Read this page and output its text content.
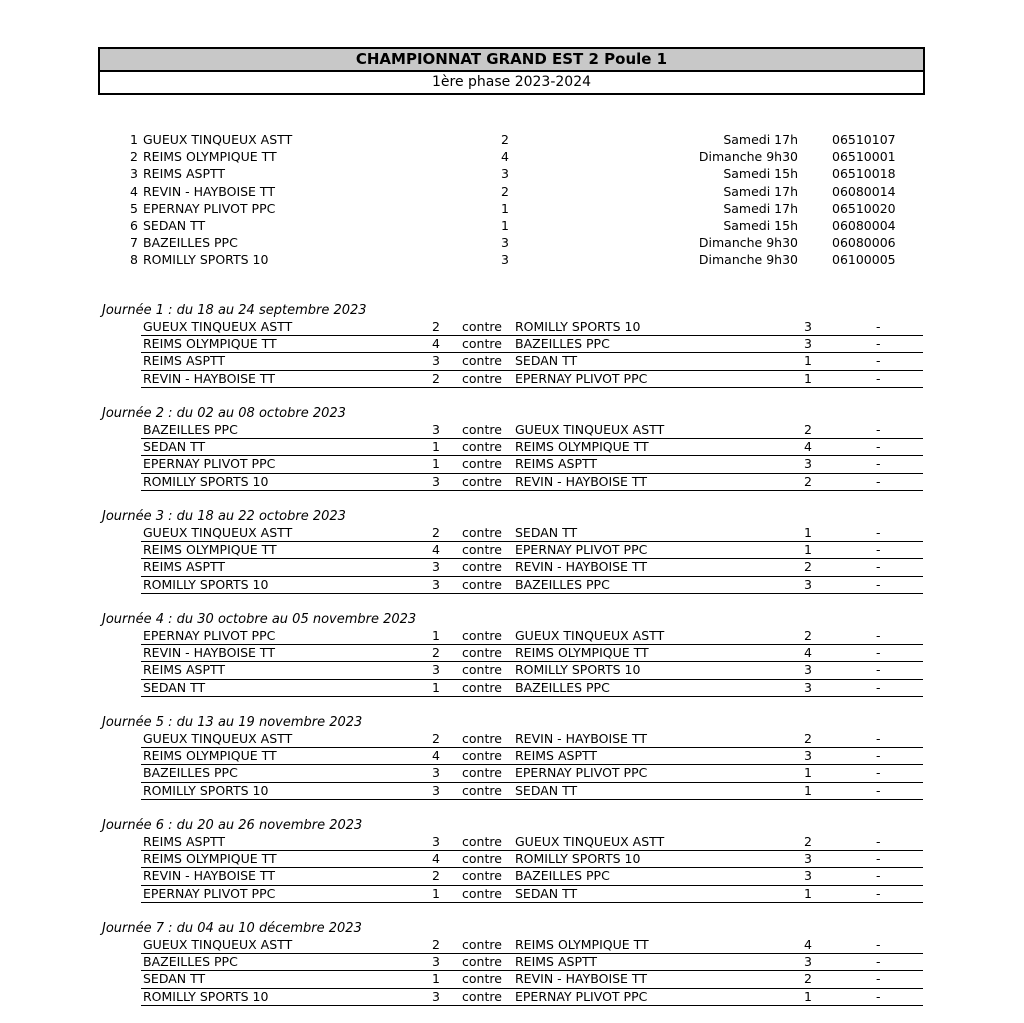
CHAMPIONNAT GRAND EST 2 Poule 1
1ère phase 2023-2024
1 GUEUX TINQUEUX ASTT	2	Samedi 17h	06510107
2 REIMS OLYMPIQUE TT	4	Dimanche 9h30	06510001
3 REIMS ASPTT	3	Samedi 15h	06510018
4 REVIN - HAYBOISE TT	2	Samedi 17h	06080014
5 EPERNAY PLIVOT PPC	1	Samedi 17h	06510020
6 SEDAN TT	1	Samedi 15h	06080004
7 BAZEILLES PPC	3	Dimanche 9h30	06080006
8 ROMILLY SPORTS 10	3	Dimanche 9h30	06100005
Journée 1 : du 18 au 24 septembre 2023
GUEUX TINQUEUX ASTT	2 contre ROMILLY SPORTS 10	3	-
REIMS OLYMPIQUE TT	4 contre BAZEILLES PPC	3	-
REIMS ASPTT	3 contre SEDAN TT	1	-
REVIN - HAYBOISE TT	2 contre EPERNAY PLIVOT PPC	1	-
Journée 2 : du 02 au 08 octobre 2023
BAZEILLES PPC	3 contre GUEUX TINQUEUX ASTT	2	-
SEDAN TT	1 contre REIMS OLYMPIQUE TT	4	-
EPERNAY PLIVOT PPC	1 contre REIMS ASPTT	3	-
ROMILLY SPORTS 10	3 contre REVIN - HAYBOISE TT	2	-
Journée 3 : du 18 au 22 octobre 2023
GUEUX TINQUEUX ASTT	2 contre SEDAN TT	1	-
REIMS OLYMPIQUE TT	4 contre EPERNAY PLIVOT PPC	1	-
REIMS ASPTT	3 contre REVIN - HAYBOISE TT	2	-
ROMILLY SPORTS 10	3 contre BAZEILLES PPC	3	-
Journée 4 : du 30 octobre au 05 novembre 2023
EPERNAY PLIVOT PPC	1 contre GUEUX TINQUEUX ASTT	2	-
REVIN - HAYBOISE TT	2 contre REIMS OLYMPIQUE TT	4	-
REIMS ASPTT	3 contre ROMILLY SPORTS 10	3	-
SEDAN TT	1 contre BAZEILLES PPC	3	-
Journée 5 : du 13 au 19 novembre 2023
GUEUX TINQUEUX ASTT	2 contre REVIN - HAYBOISE TT	2	-
REIMS OLYMPIQUE TT	4 contre REIMS ASPTT	3	-
BAZEILLES PPC	3 contre EPERNAY PLIVOT PPC	1	-
ROMILLY SPORTS 10	3 contre SEDAN TT	1	-
Journée 6 : du 20 au 26 novembre 2023
REIMS ASPTT	3 contre GUEUX TINQUEUX ASTT	2	-
REIMS OLYMPIQUE TT	4 contre ROMILLY SPORTS 10	3	-
REVIN - HAYBOISE TT	2 contre BAZEILLES PPC	3	-
EPERNAY PLIVOT PPC	1 contre SEDAN TT	1	-
Journée 7 : du 04 au 10 décembre 2023
GUEUX TINQUEUX ASTT	2 contre REIMS OLYMPIQUE TT	4	-
BAZEILLES PPC	3 contre REIMS ASPTT	3	-
SEDAN TT	1 contre REVIN - HAYBOISE TT	2	-
ROMILLY SPORTS 10	3 contre EPERNAY PLIVOT PPC	1	-
